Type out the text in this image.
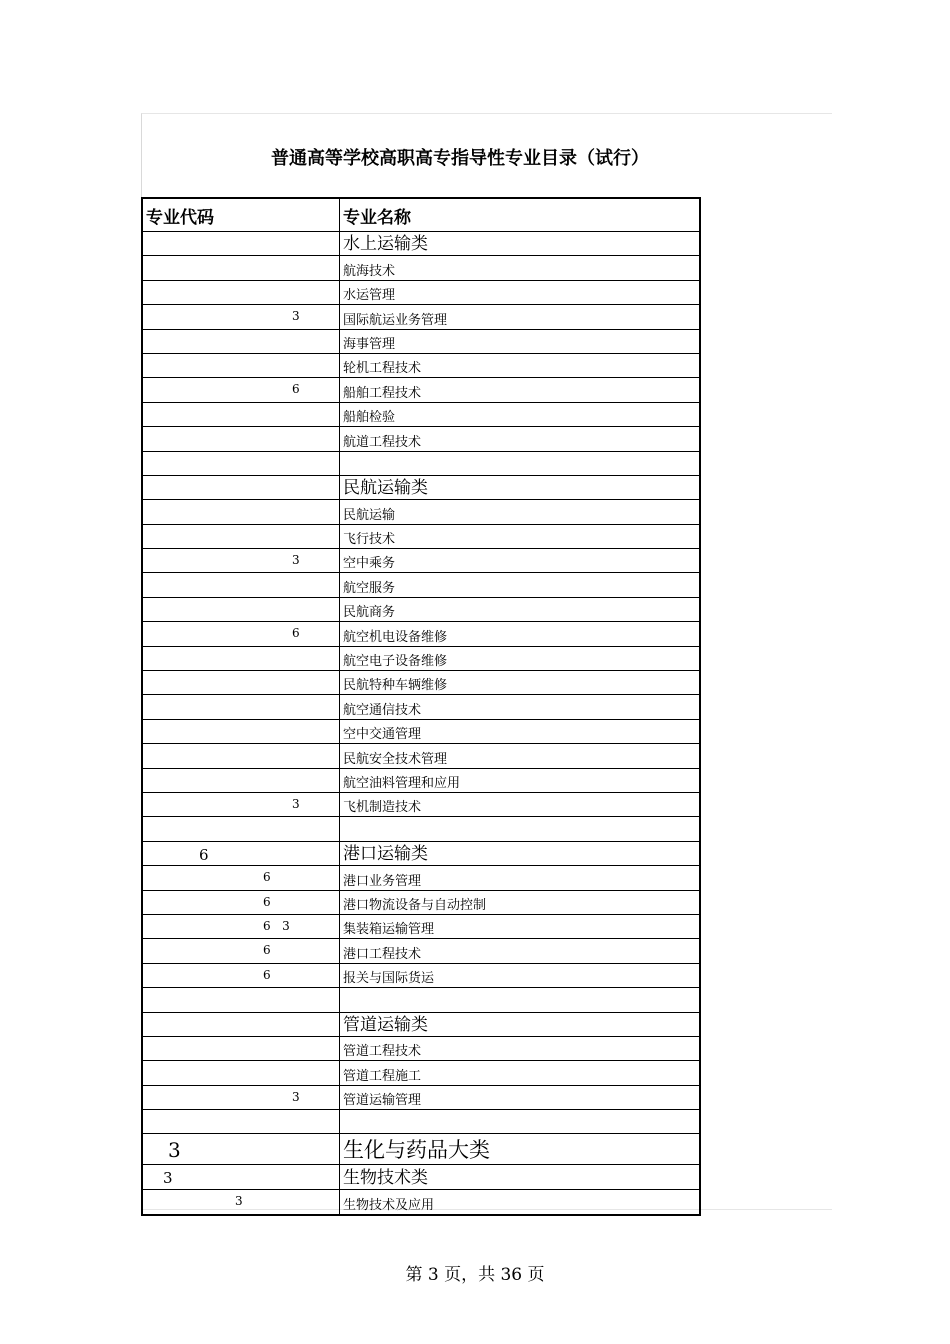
普通高等学校高职高专指导性专业目录（试行）
专业代码	专业名称
水上运输类
航海技术
水运管理
3	国际航运业务管理
海事管理
轮机工程技术
6	船舶工程技术
船舶检验
航道工程技术
民航运输类
民航运输
飞行技术
3	空中乘务
航空服务
民航商务
6	航空机电设备维修
航空电子设备维修
民航特种车辆维修
航空通信技术
空中交通管理
民航安全技术管理
航空油料管理和应用
3	飞机制造技术
6	港口运输类
6	港口业务管理
6	港口物流设备与自动控制
6   3	集装箱运输管理
6	港口工程技术
6	报关与国际货运
管道运输类
管道工程技术
管道工程施工
3	管道运输管理
3	生化与药品大类
3	生物技术类
3	生物技术及应用
第 3 页，共 36 页
